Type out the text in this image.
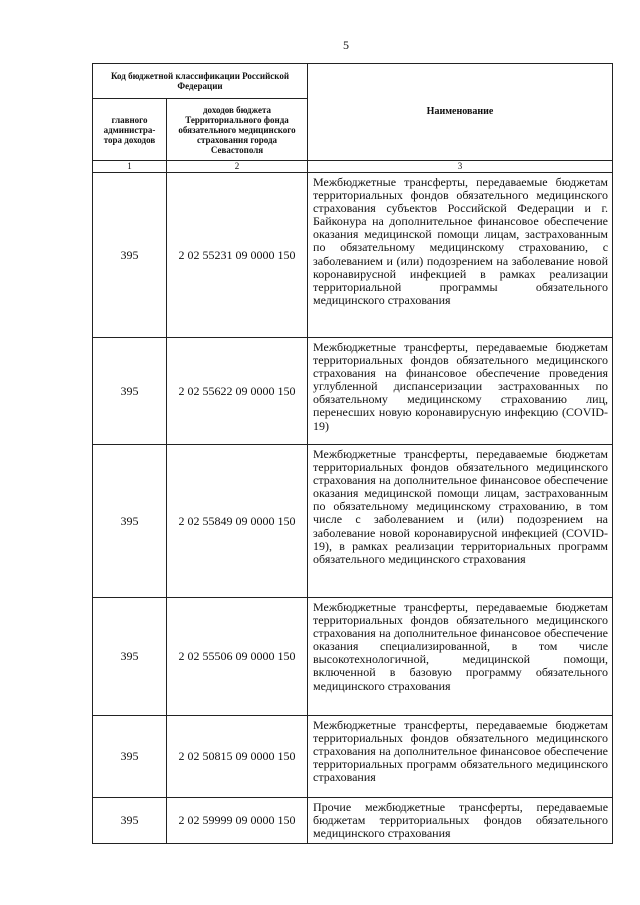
5
Код бюджетной классификации Российской Федерации		Наименование
главного администра-тора доходов	доходов бюджета Территориального фонда обязательного медицинского страхования города Севастополя	
1	2	3
395	2 02 55231 09 0000 150	Межбюджетные трансферты, передаваемые бюджетам территориальных фондов обязательного медицинского страхования субъектов Российской Федерации и г. Байконура на дополнительное финансовое обеспечение оказания медицинской помощи лицам, застрахованным по обязательному медицинскому страхованию, с заболеванием и (или) подозрением на заболевание новой коронавирусной инфекцией в рамках реализации территориальной программы обязательного медицинского страхования
395	2 02 55622 09 0000 150	Межбюджетные трансферты, передаваемые бюджетам территориальных фондов обязательного медицинского страхования на финансовое обеспечение проведения углубленной диспансеризации застрахованных по обязательному медицинскому страхованию лиц, перенесших новую коронавирусную инфекцию (COVID-19)
395	2 02 55849 09 0000 150	Межбюджетные трансферты, передаваемые бюджетам территориальных фондов обязательного медицинского страхования на дополнительное финансовое обеспечение оказания медицинской помощи лицам, застрахованным по обязательному медицинскому страхованию, в том числе с заболеванием и (или) подозрением на заболевание новой коронавирусной инфекцией (COVID-19), в рамках реализации территориальных программ обязательного медицинского страхования
395	2 02 55506 09 0000 150	Межбюджетные трансферты, передаваемые бюджетам территориальных фондов обязательного медицинского страхования на дополнительное финансовое обеспечение оказания специализированной, в том числе высокотехнологичной, медицинской помощи, включенной в базовую программу обязательного медицинского страхования
395	2 02 50815 09 0000 150	Межбюджетные трансферты, передаваемые бюджетам территориальных фондов обязательного медицинского страхования на дополнительное финансовое обеспечение территориальных программ обязательного медицинского страхования
395	2 02 59999 09 0000 150	Прочие межбюджетные трансферты, передаваемые бюджетам территориальных фондов обязательного медицинского страхования
